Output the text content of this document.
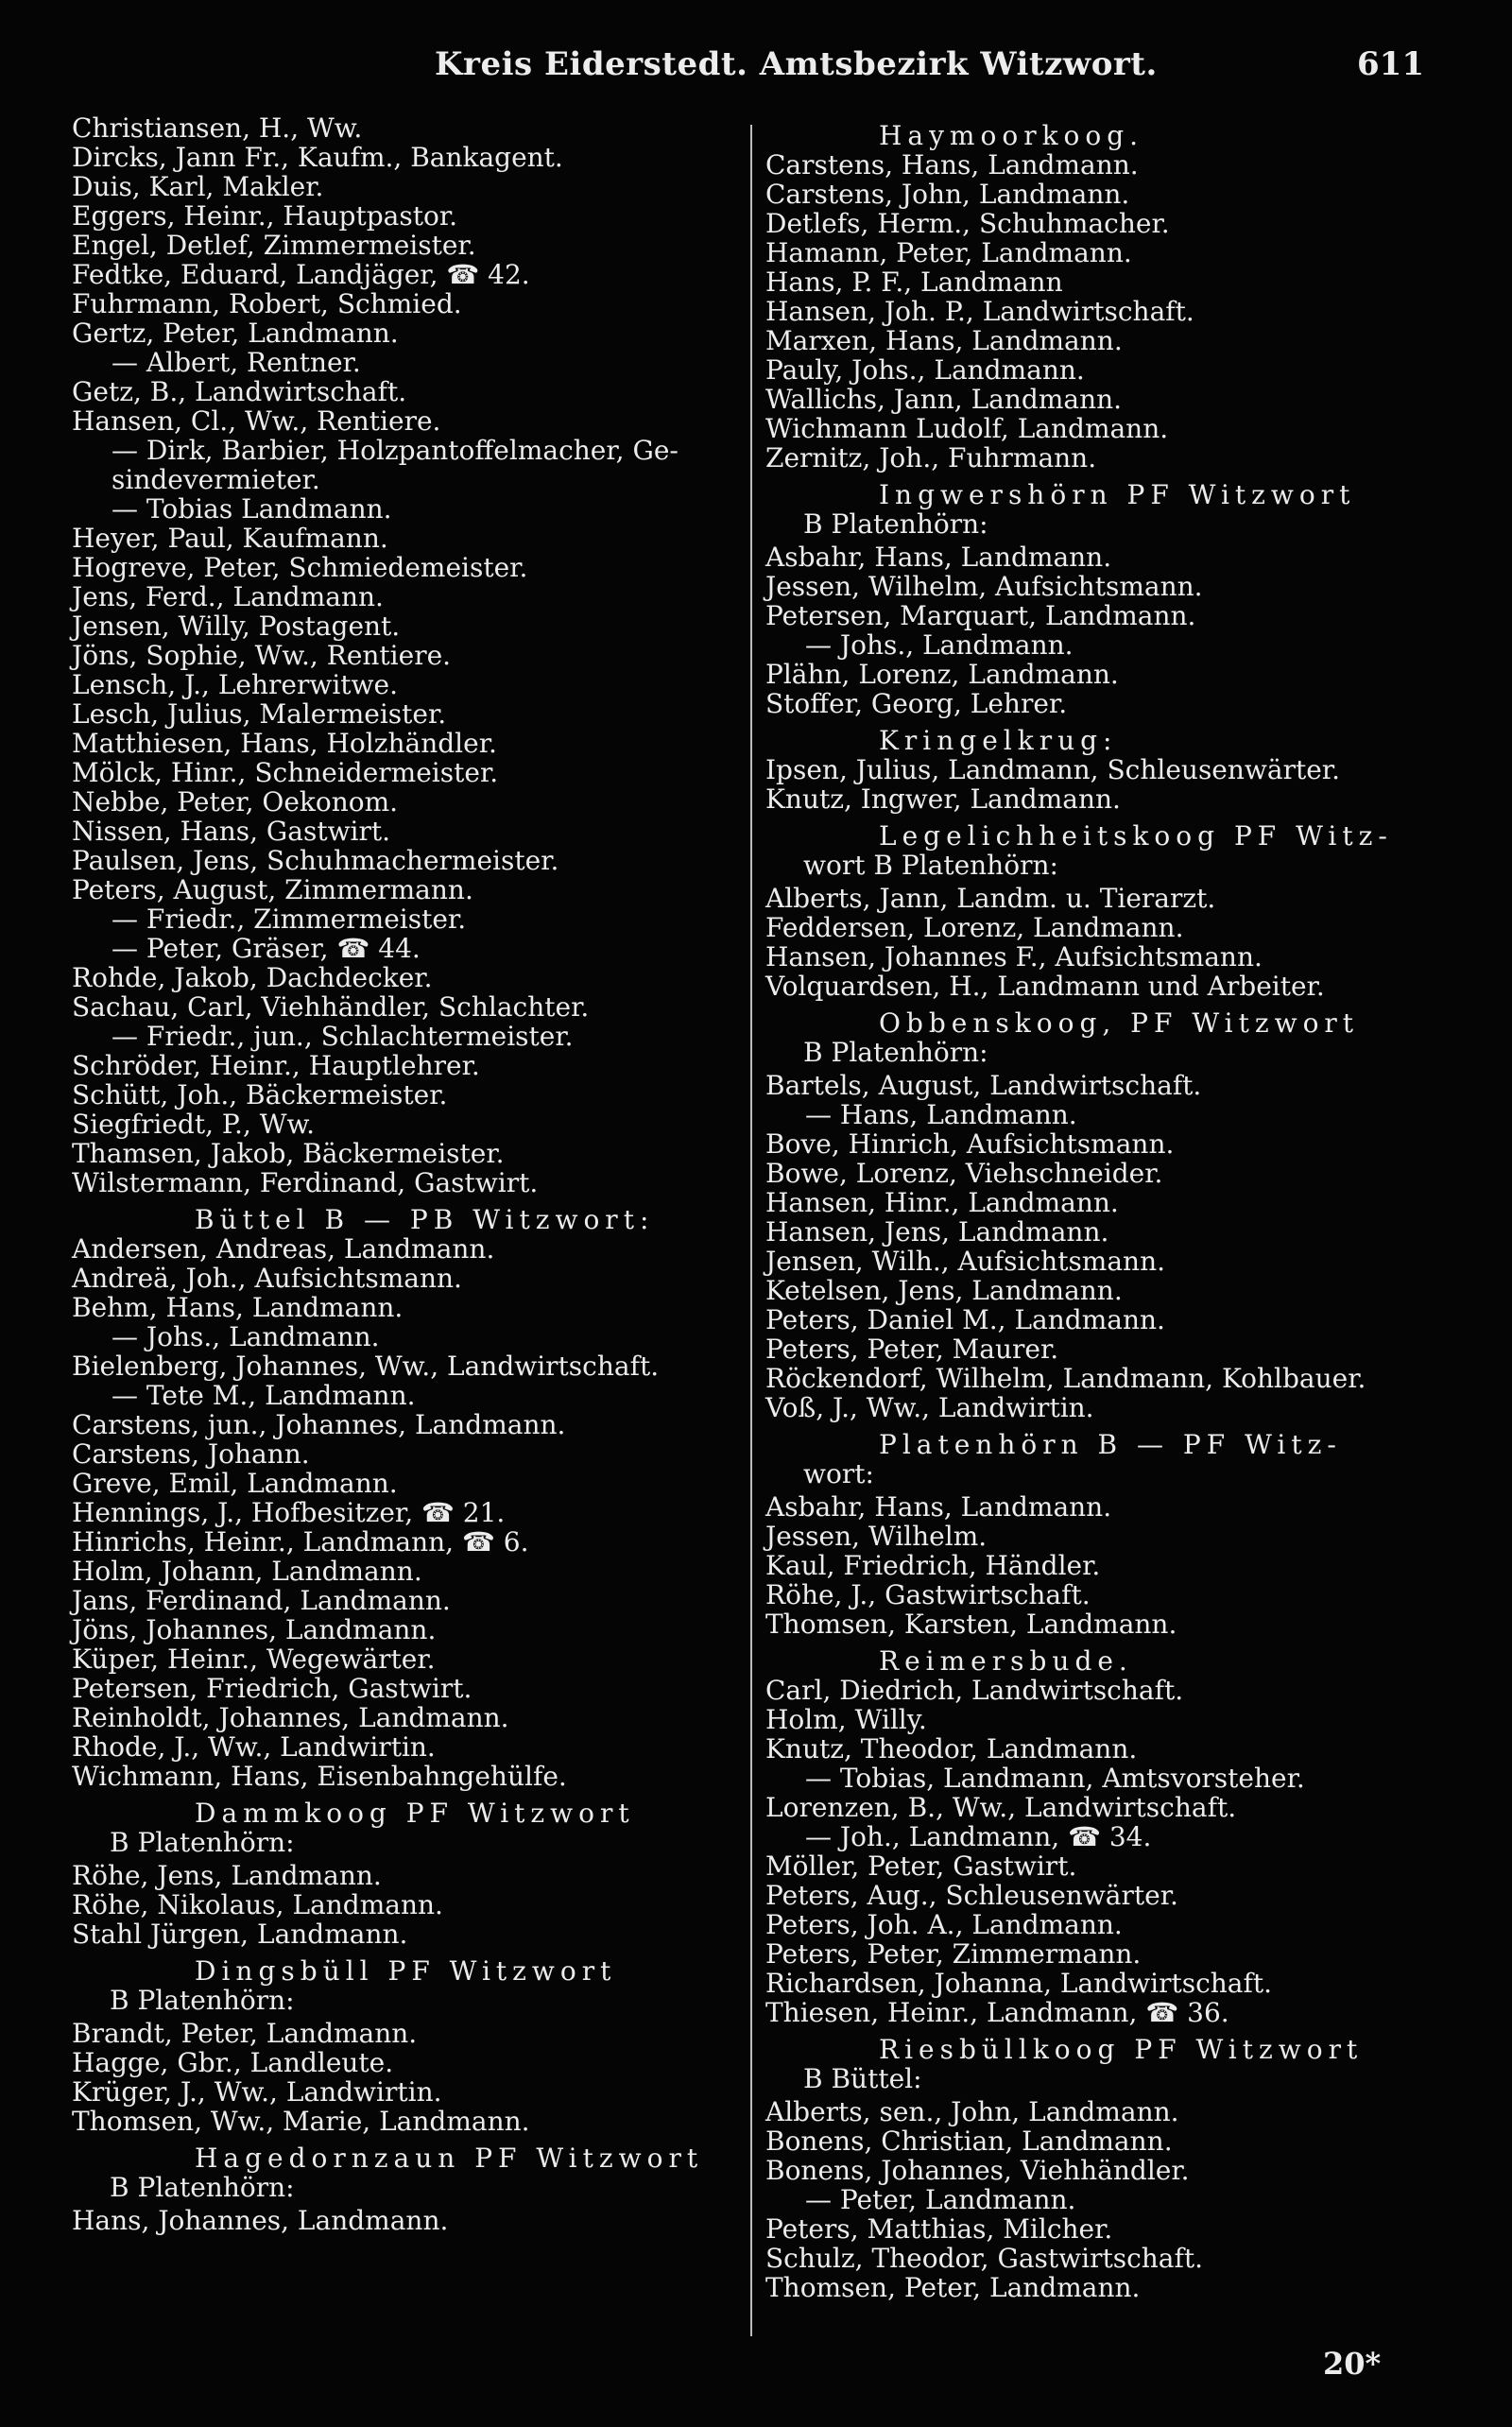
Kreis Eiderstedt. Amtsbezirk Witzwort.	611
Christiansen, H., Ww.
Dircks, Jann Fr., Kaufm., Bankagent.
Duis, Karl, Makler.
Eggers, Heinr., Hauptpastor.
Engel, Detlef, Zimmermeister.
Fedtke, Eduard, Landjäger, ☎ 42.
Fuhrmann, Robert, Schmied.
Gertz, Peter, Landmann.
— Albert, Rentner.
Getz, B., Landwirtschaft.
Hansen, Cl., Ww., Rentiere.
— Dirk, Barbier, Holzpantoffelmacher, Ge-
sindevermieter.
— Tobias Landmann.
Heyer, Paul, Kaufmann.
Hogreve, Peter, Schmiedemeister.
Jens, Ferd., Landmann.
Jensen, Willy, Postagent.
Jöns, Sophie, Ww., Rentiere.
Lensch, J., Lehrerwitwe.
Lesch, Julius, Malermeister.
Matthiesen, Hans, Holzhändler.
Mölck, Hinr., Schneidermeister.
Nebbe, Peter, Oekonom.
Nissen, Hans, Gastwirt.
Paulsen, Jens, Schuhmachermeister.
Peters, August, Zimmermann.
— Friedr., Zimmermeister.
— Peter, Gräser, ☎ 44.
Rohde, Jakob, Dachdecker.
Sachau, Carl, Viehhändler, Schlachter.
— Friedr., jun., Schlachtermeister.
Schröder, Heinr., Hauptlehrer.
Schütt, Joh., Bäckermeister.
Siegfriedt, P., Ww.
Thamsen, Jakob, Bäckermeister.
Wilstermann, Ferdinand, Gastwirt.
Büttel B — PB Witzwort:
Andersen, Andreas, Landmann.
Andreä, Joh., Aufsichtsmann.
Behm, Hans, Landmann.
— Johs., Landmann.
Bielenberg, Johannes, Ww., Landwirtschaft.
— Tete M., Landmann.
Carstens, jun., Johannes, Landmann.
Carstens, Johann.
Greve, Emil, Landmann.
Hennings, J., Hofbesitzer, ☎ 21.
Hinrichs, Heinr., Landmann, ☎ 6.
Holm, Johann, Landmann.
Jans, Ferdinand, Landmann.
Jöns, Johannes, Landmann.
Küper, Heinr., Wegewärter.
Petersen, Friedrich, Gastwirt.
Reinholdt, Johannes, Landmann.
Rhode, J., Ww., Landwirtin.
Wichmann, Hans, Eisenbahngehülfe.
Dammkoog PF Witzwort
B Platenhörn:
Röhe, Jens, Landmann.
Röhe, Nikolaus, Landmann.
Stahl Jürgen, Landmann.
Dingsbüll PF Witzwort
B Platenhörn:
Brandt, Peter, Landmann.
Hagge, Gbr., Landleute.
Krüger, J., Ww., Landwirtin.
Thomsen, Ww., Marie, Landmann.
Hagedornzaun PF Witzwort
B Platenhörn:
Hans, Johannes, Landmann.
Haymoorkoog.
Carstens, Hans, Landmann.
Carstens, John, Landmann.
Detlefs, Herm., Schuhmacher.
Hamann, Peter, Landmann.
Hans, P. F., Landmann
Hansen, Joh. P., Landwirtschaft.
Marxen, Hans, Landmann.
Pauly, Johs., Landmann.
Wallichs, Jann, Landmann.
Wichmann Ludolf, Landmann.
Zernitz, Joh., Fuhrmann.
Ingwershörn PF Witzwort
B Platenhörn:
Asbahr, Hans, Landmann.
Jessen, Wilhelm, Aufsichtsmann.
Petersen, Marquart, Landmann.
— Johs., Landmann.
Plähn, Lorenz, Landmann.
Stoffer, Georg, Lehrer.
Kringelkrug:
Ipsen, Julius, Landmann, Schleusenwärter.
Knutz, Ingwer, Landmann.
Legelichheitskoog PF Witz-
wort B Platenhörn:
Alberts, Jann, Landm. u. Tierarzt.
Feddersen, Lorenz, Landmann.
Hansen, Johannes F., Aufsichtsmann.
Volquardsen, H., Landmann und Arbeiter.
Obbenskoog, PF Witzwort
B Platenhörn:
Bartels, August, Landwirtschaft.
— Hans, Landmann.
Bove, Hinrich, Aufsichtsmann.
Bowe, Lorenz, Viehschneider.
Hansen, Hinr., Landmann.
Hansen, Jens, Landmann.
Jensen, Wilh., Aufsichtsmann.
Ketelsen, Jens, Landmann.
Peters, Daniel M., Landmann.
Peters, Peter, Maurer.
Röckendorf, Wilhelm, Landmann, Kohlbauer.
Voß, J., Ww., Landwirtin.
Platenhörn B — PF Witz-
wort:
Asbahr, Hans, Landmann.
Jessen, Wilhelm.
Kaul, Friedrich, Händler.
Röhe, J., Gastwirtschaft.
Thomsen, Karsten, Landmann.
Reimersbude.
Carl, Diedrich, Landwirtschaft.
Holm, Willy.
Knutz, Theodor, Landmann.
— Tobias, Landmann, Amtsvorsteher.
Lorenzen, B., Ww., Landwirtschaft.
— Joh., Landmann, ☎ 34.
Möller, Peter, Gastwirt.
Peters, Aug., Schleusenwärter.
Peters, Joh. A., Landmann.
Peters, Peter, Zimmermann.
Richardsen, Johanna, Landwirtschaft.
Thiesen, Heinr., Landmann, ☎ 36.
Riesbüllkoog PF Witzwort
B Büttel:
Alberts, sen., John, Landmann.
Bonens, Christian, Landmann.
Bonens, Johannes, Viehhändler.
— Peter, Landmann.
Peters, Matthias, Milcher.
Schulz, Theodor, Gastwirtschaft.
Thomsen, Peter, Landmann.
20*
